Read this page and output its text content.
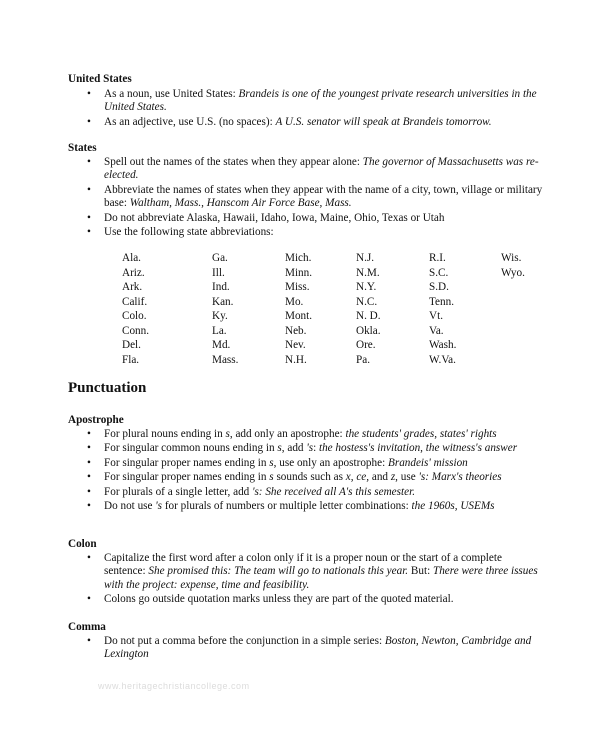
United States
• As a noun, use United States: Brandeis is one of the youngest private research universities in the United States.
• As an adjective, use U.S. (no spaces): A U.S. senator will speak at Brandeis tomorrow.
States
• Spell out the names of the states when they appear alone: The governor of Massachusetts was re-elected.
• Abbreviate the names of states when they appear with the name of a city, town, village or military base: Waltham, Mass., Hanscom Air Force Base, Mass.
• Do not abbreviate Alaska, Hawaii, Idaho, Iowa, Maine, Ohio, Texas or Utah
• Use the following state abbreviations:
Ala.
Ariz.
Ark.
Calif.
Colo.
Conn.
Del.
Fla.
Ga.
Ill.
Ind.
Kan.
Ky.
La.
Md.
Mass.
Mich.
Minn.
Miss.
Mo.
Mont.
Neb.
Nev.
N.H.
N.J.
N.M.
N.Y.
N.C.
N. D.
Okla.
Ore.
Pa.
R.I.
S.C.
S.D.
Tenn.
Vt.
Va.
Wash.
W.Va.
Wis.
Wyo.
Punctuation
Apostrophe
• For plural nouns ending in s, add only an apostrophe: the students' grades, states' rights
• For singular common nouns ending in s, add 's: the hostess's invitation, the witness's answer
• For singular proper names ending in s, use only an apostrophe: Brandeis' mission
• For singular proper names ending in s sounds such as x, ce, and z, use 's: Marx's theories
• For plurals of a single letter, add 's: She received all A's this semester.
• Do not use 's for plurals of numbers or multiple letter combinations: the 1960s, USEMs
Colon
• Capitalize the first word after a colon only if it is a proper noun or the start of a complete sentence: She promised this: The team will go to nationals this year. But: There were three issues with the project: expense, time and feasibility.
• Colons go outside quotation marks unless they are part of the quoted material.
Comma
• Do not put a comma before the conjunction in a simple series: Boston, Newton, Cambridge and Lexington
www.heritagechristiancollege.com
